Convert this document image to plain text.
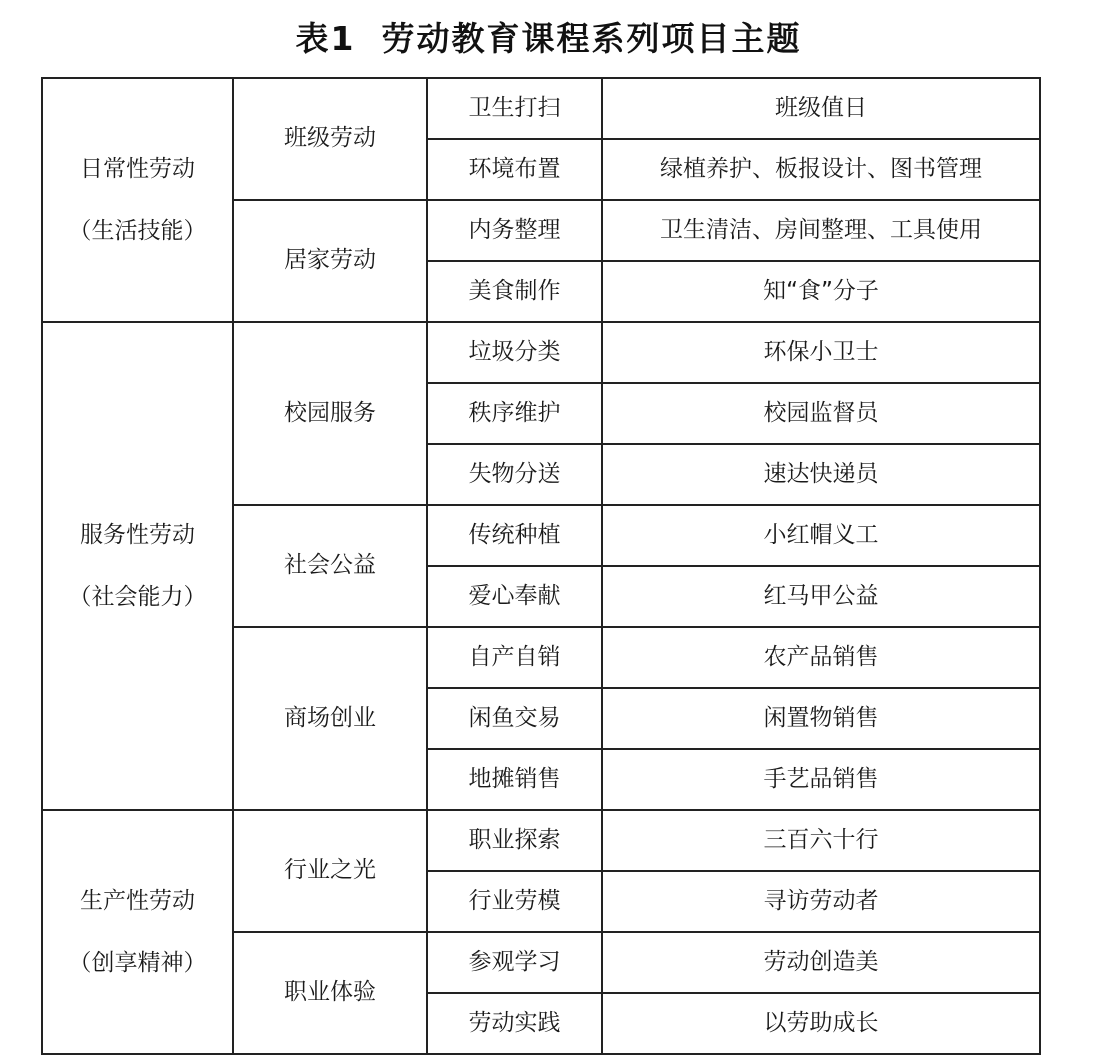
表1 劳动教育课程系列项目主题
日常性劳动
（生活技能）	班级劳动	卫生打扫	班级值日
		环境布置	绿植养护、板报设计、图书管理
	居家劳动	内务整理	卫生清洁、房间整理、工具使用
		美食制作	知“食”分子

服务性劳动
（社会能力）	校园服务	垃圾分类	环保小卫士
		秩序维护	校园监督员
		失物分送	速达快递员
	社会公益	传统种植	小红帽义工
		爱心奉献	红马甲公益
	商场创业	自产自销	农产品销售
		闲鱼交易	闲置物销售
		地摊销售	手艺品销售

生产性劳动
（创享精神）	行业之光	职业探索	三百六十行
		行业劳模	寻访劳动者
	职业体验	参观学习	劳动创造美
		劳动实践	以劳助成长
